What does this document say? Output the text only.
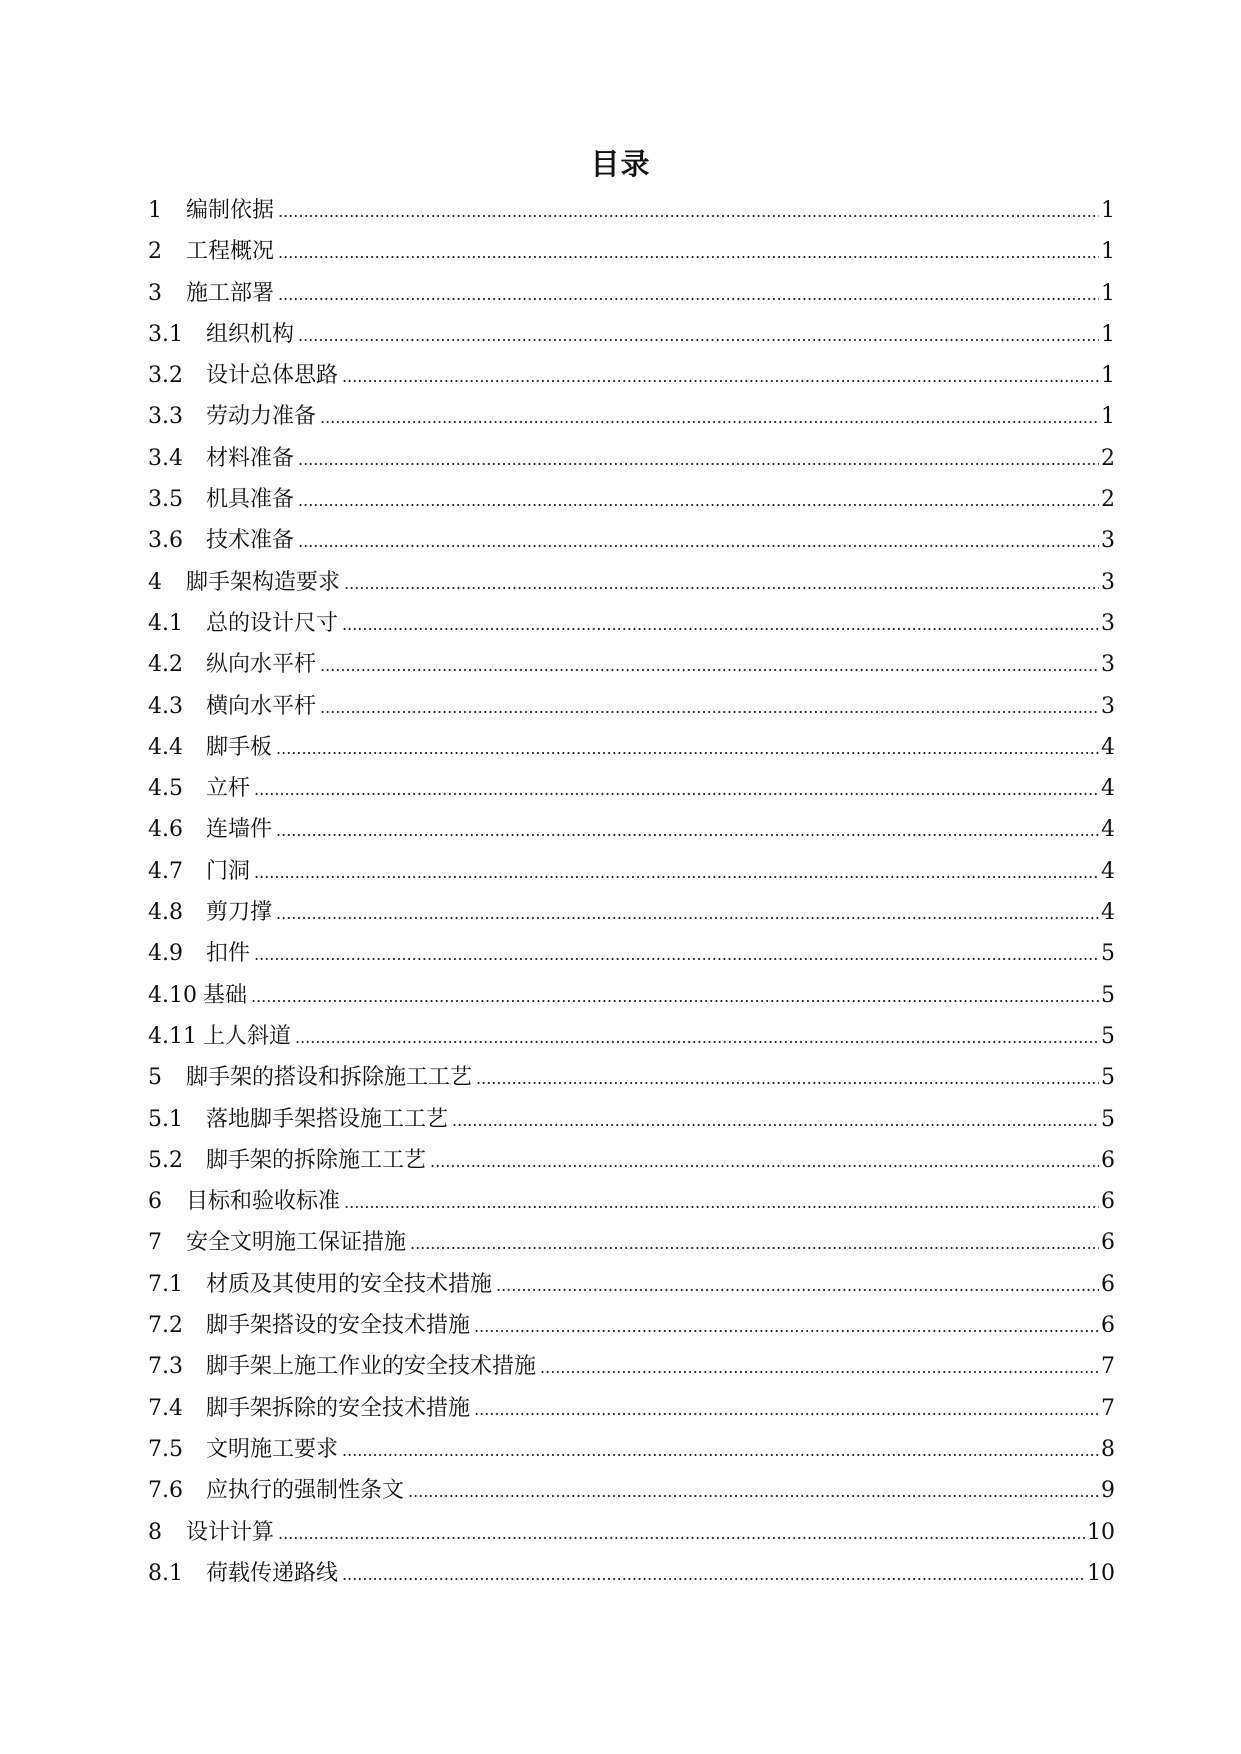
目录
1	编制依据 .....	1
2	工程概况 .....	1
3	施工部署 .....	1
3.1	组织机构 .....	1
3.2	设计总体思路 .....	1
3.3	劳动力准备 .....	1
3.4	材料准备 .....	2
3.5	机具准备 .....	2
3.6	技术准备 .....	3
4	脚手架构造要求 .....	3
4.1	总的设计尺寸 .....	3
4.2	纵向水平杆 .....	3
4.3	横向水平杆 .....	3
4.4	脚手板 .....	4
4.5	立杆 .....	4
4.6	连墙件 .....	4
4.7	门洞 .....	4
4.8	剪刀撑 .....	4
4.9	扣件 .....	5
4.10 基础 .....	5
4.11 上人斜道 .....	5
5	脚手架的搭设和拆除施工工艺 .....	5
5.1	落地脚手架搭设施工工艺 .....	5
5.2	脚手架的拆除施工工艺 .....	6
6	目标和验收标准 .....	6
7	安全文明施工保证措施 .....	6
7.1	材质及其使用的安全技术措施 .....	6
7.2	脚手架搭设的安全技术措施 .....	6
7.3	脚手架上施工作业的安全技术措施 .....	7
7.4	脚手架拆除的安全技术措施 .....	7
7.5	文明施工要求 .....	8
7.6	应执行的强制性条文 .....	9
8	设计计算 .....	10
8.1	荷载传递路线 .....	10
